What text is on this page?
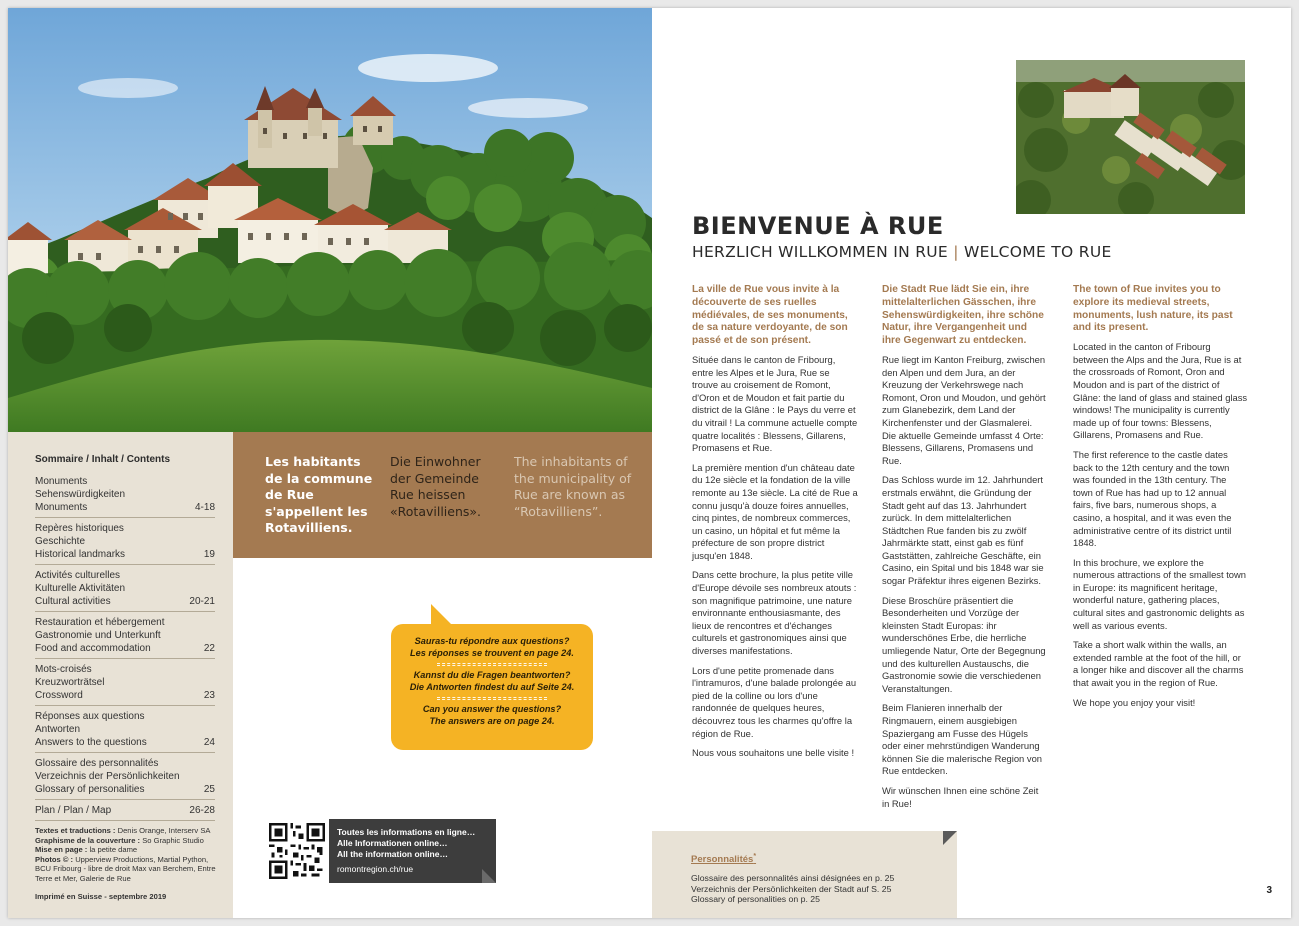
Sommaire / Inhalt / Contents
Monuments
Sehenswürdigkeiten
Monuments	4-18
Repères historiques
Geschichte
Historical landmarks	19
Activités culturelles
Kulturelle Aktivitäten
Cultural activities	20-21
Restauration et hébergement
Gastronomie und Unterkunft
Food and accommodation	22
Mots-croisés
Kreuzworträtsel
Crossword	23
Réponses aux questions
Antworten
Answers to the questions	24
Glossaire des personnalités
Verzeichnis der Persönlichkeiten
Glossary of personalities	25
Plan / Plan / Map	26-28
Textes et traductions : Denis Orange, Interserv SA
Graphisme de la couverture : So Graphic Studio
Mise en page : la petite dame
Photos © : Upperview Productions, Martial Python, BCU Fribourg - libre de droit Max van Berchem, Entre Terre et Mer, Galerie de Rue
Imprimé en Suisse - septembre 2019
Les habitants de la commune de Rue s'appellent les Rotavilliens.
Die Einwohner der Gemeinde Rue heissen «Rotavilliens».
The inhabitants of the municipality of Rue are known as “Rotavilliens”.
Sauras-tu répondre aux questions?
Les réponses se trouvent en page 24.
Kannst du die Fragen beantworten?
Die Antworten findest du auf Seite 24.
Can you answer the questions?
The answers are on page 24.
Toutes les informations en ligne…
Alle Informationen online…
All the information online…
romontregion.ch/rue
BIENVENUE À RUE
HERZLICH WILLKOMMEN IN RUE | WELCOME TO RUE
La ville de Rue vous invite à la découverte de ses ruelles médiévales, de ses monuments, de sa nature verdoyante, de son passé et de son présent.

Située dans le canton de Fribourg, entre les Alpes et le Jura, Rue se trouve au croisement de Romont, d'Oron et de Moudon et fait partie du district de la Glâne : le Pays du verre et du vitrail ! La commune actuelle compte quatre localités : Blessens, Gillarens, Promasens et Rue.

La première mention d'un château date du 12e siècle et la fondation de la ville remonte au 13e siècle. La cité de Rue a connu jusqu'à douze foires annuelles, cinq pintes, de nombreux commerces, un casino, un hôpital et fut même la préfecture de son propre district jusqu'en 1848.

Dans cette brochure, la plus petite ville d'Europe dévoile ses nombreux atouts : son magnifique patrimoine, une nature environnante enthousiasmante, des lieux de rencontres et d'échanges culturels et gastronomiques ainsi que diverses manifestations.

Lors d'une petite promenade dans l'intramuros, d'une balade prolongée au pied de la colline ou lors d'une randonnée de quelques heures, découvrez tous les charmes qu'offre la région de Rue.

Nous vous souhaitons une belle visite !

Die Stadt Rue lädt Sie ein, ihre mittelalterlichen Gässchen, ihre Sehenswürdigkeiten, ihre schöne Natur, ihre Vergangenheit und ihre Gegenwart zu entdecken.

Rue liegt im Kanton Freiburg, zwischen den Alpen und dem Jura, an der Kreuzung der Verkehrswege nach Romont, Oron und Moudon, und gehört zum Glanebezirk, dem Land der Kirchenfenster und der Glasmalerei. Die aktuelle Gemeinde umfasst 4 Orte: Blessens, Gillarens, Promasens und Rue.

Das Schloss wurde im 12. Jahrhundert erstmals erwähnt, die Gründung der Stadt geht auf das 13. Jahrhundert zurück. In dem mittelalterlichen Städtchen Rue fanden bis zu zwölf Jahrmärkte statt, einst gab es fünf Gaststätten, zahlreiche Geschäfte, ein Casino, ein Spital und bis 1848 war sie sogar Präfektur ihres eigenen Bezirks.

Diese Broschüre präsentiert die Besonderheiten und Vorzüge der kleinsten Stadt Europas: ihr wunderschönes Erbe, die herrliche umliegende Natur, Orte der Begegnung und des kulturellen Austauschs, die Gastronomie sowie die verschiedenen Veranstaltungen.

Beim Flanieren innerhalb der Ringmauern, einem ausgiebigen Spaziergang am Fusse des Hügels oder einer mehrstündigen Wanderung können Sie die malerische Region von Rue entdecken.

Wir wünschen Ihnen eine schöne Zeit in Rue!

The town of Rue invites you to explore its medieval streets, monuments, lush nature, its past and its present.

Located in the canton of Fribourg between the Alps and the Jura, Rue is at the crossroads of Romont, Oron and Moudon and is part of the district of Glâne: the land of glass and stained glass windows! The municipality is currently made up of four towns: Blessens, Gillarens, Promasens and Rue.

The first reference to the castle dates back to the 12th century and the town was founded in the 13th century. The town of Rue has had up to 12 annual fairs, five bars, numerous shops, a casino, a hospital, and it was even the administrative centre of its district until 1848.

In this brochure, we explore the numerous attractions of the smallest town in Europe: its magnificent heritage, wonderful nature, gathering places, cultural sites and gastronomic delights as well as various events.

Take a short walk within the walls, an extended ramble at the foot of the hill, or a longer hike and discover all the charms that await you in the region of Rue.

We hope you enjoy your visit!

Personnalités*
Glossaire des personnalités ainsi désignées en p. 25
Verzeichnis der Persönlichkeiten der Stadt auf S. 25
Glossary of personalities on p. 25
3
